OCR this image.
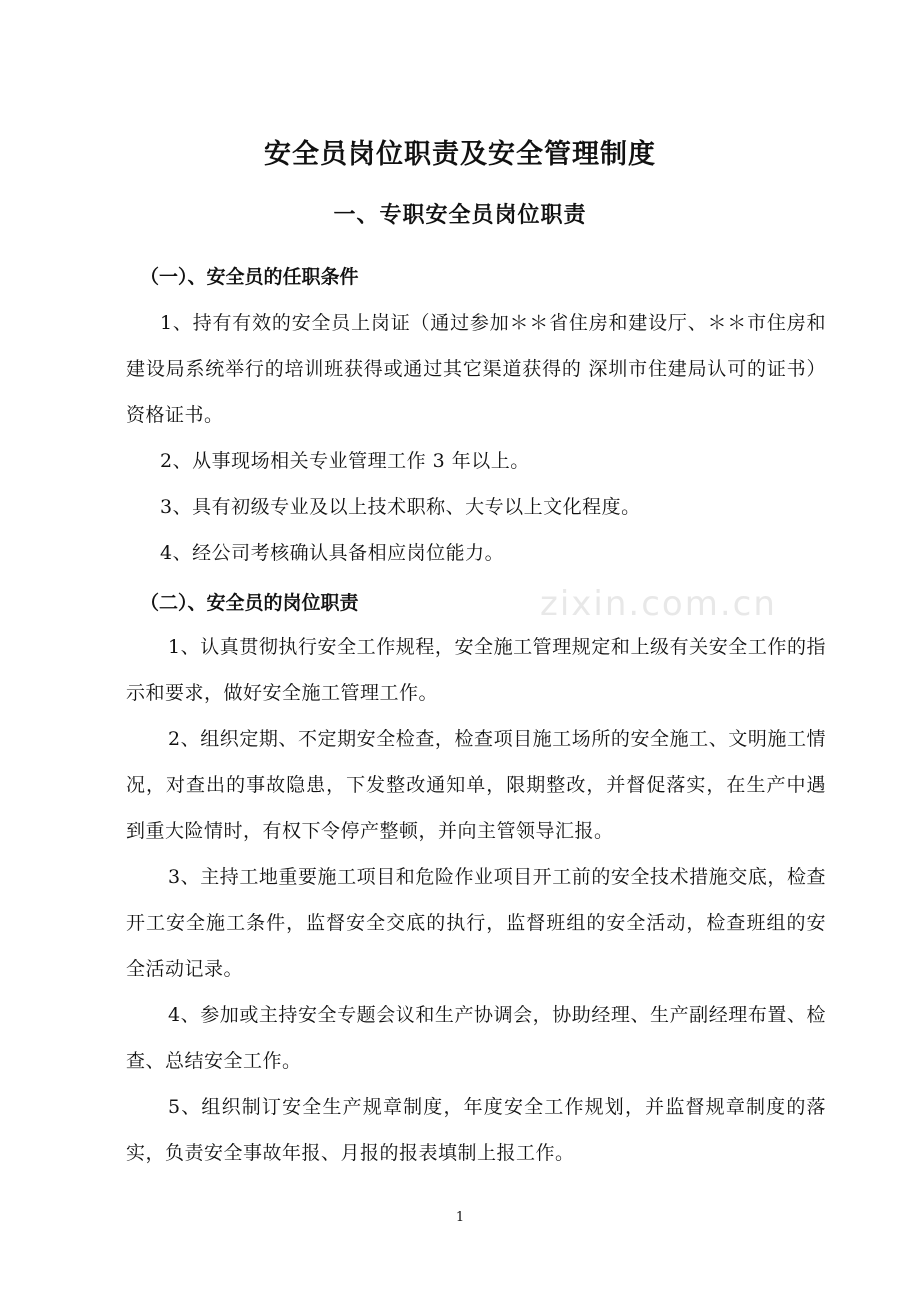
安全员岗位职责及安全管理制度
一、专职安全员岗位职责
（一）、安全员的任职条件
1、持有有效的安全员上岗证（通过参加＊＊省住房和建设厅、＊＊市住房和建设局系统举行的培训班获得或通过其它渠道获得的 深圳市住建局认可的证书）资格证书。
2、从事现场相关专业管理工作 3 年以上。
3、具有初级专业及以上技术职称、大专以上文化程度。
4、经公司考核确认具备相应岗位能力。
（二）、安全员的岗位职责	zixin.com.cn
1、认真贯彻执行安全工作规程，安全施工管理规定和上级有关安全工作的指示和要求，做好安全施工管理工作。
2、组织定期、不定期安全检查，检查项目施工场所的安全施工、文明施工情况，对查出的事故隐患，下发整改通知单，限期整改，并督促落实，在生产中遇到重大险情时，有权下令停产整顿，并向主管领导汇报。
3、主持工地重要施工项目和危险作业项目开工前的安全技术措施交底，检查开工安全施工条件，监督安全交底的执行，监督班组的安全活动，检查班组的安全活动记录。
4、参加或主持安全专题会议和生产协调会，协助经理、生产副经理布置、检查、总结安全工作。
5、组织制订安全生产规章制度，年度安全工作规划，并监督规章制度的落实，负责安全事故年报、月报的报表填制上报工作。
1
